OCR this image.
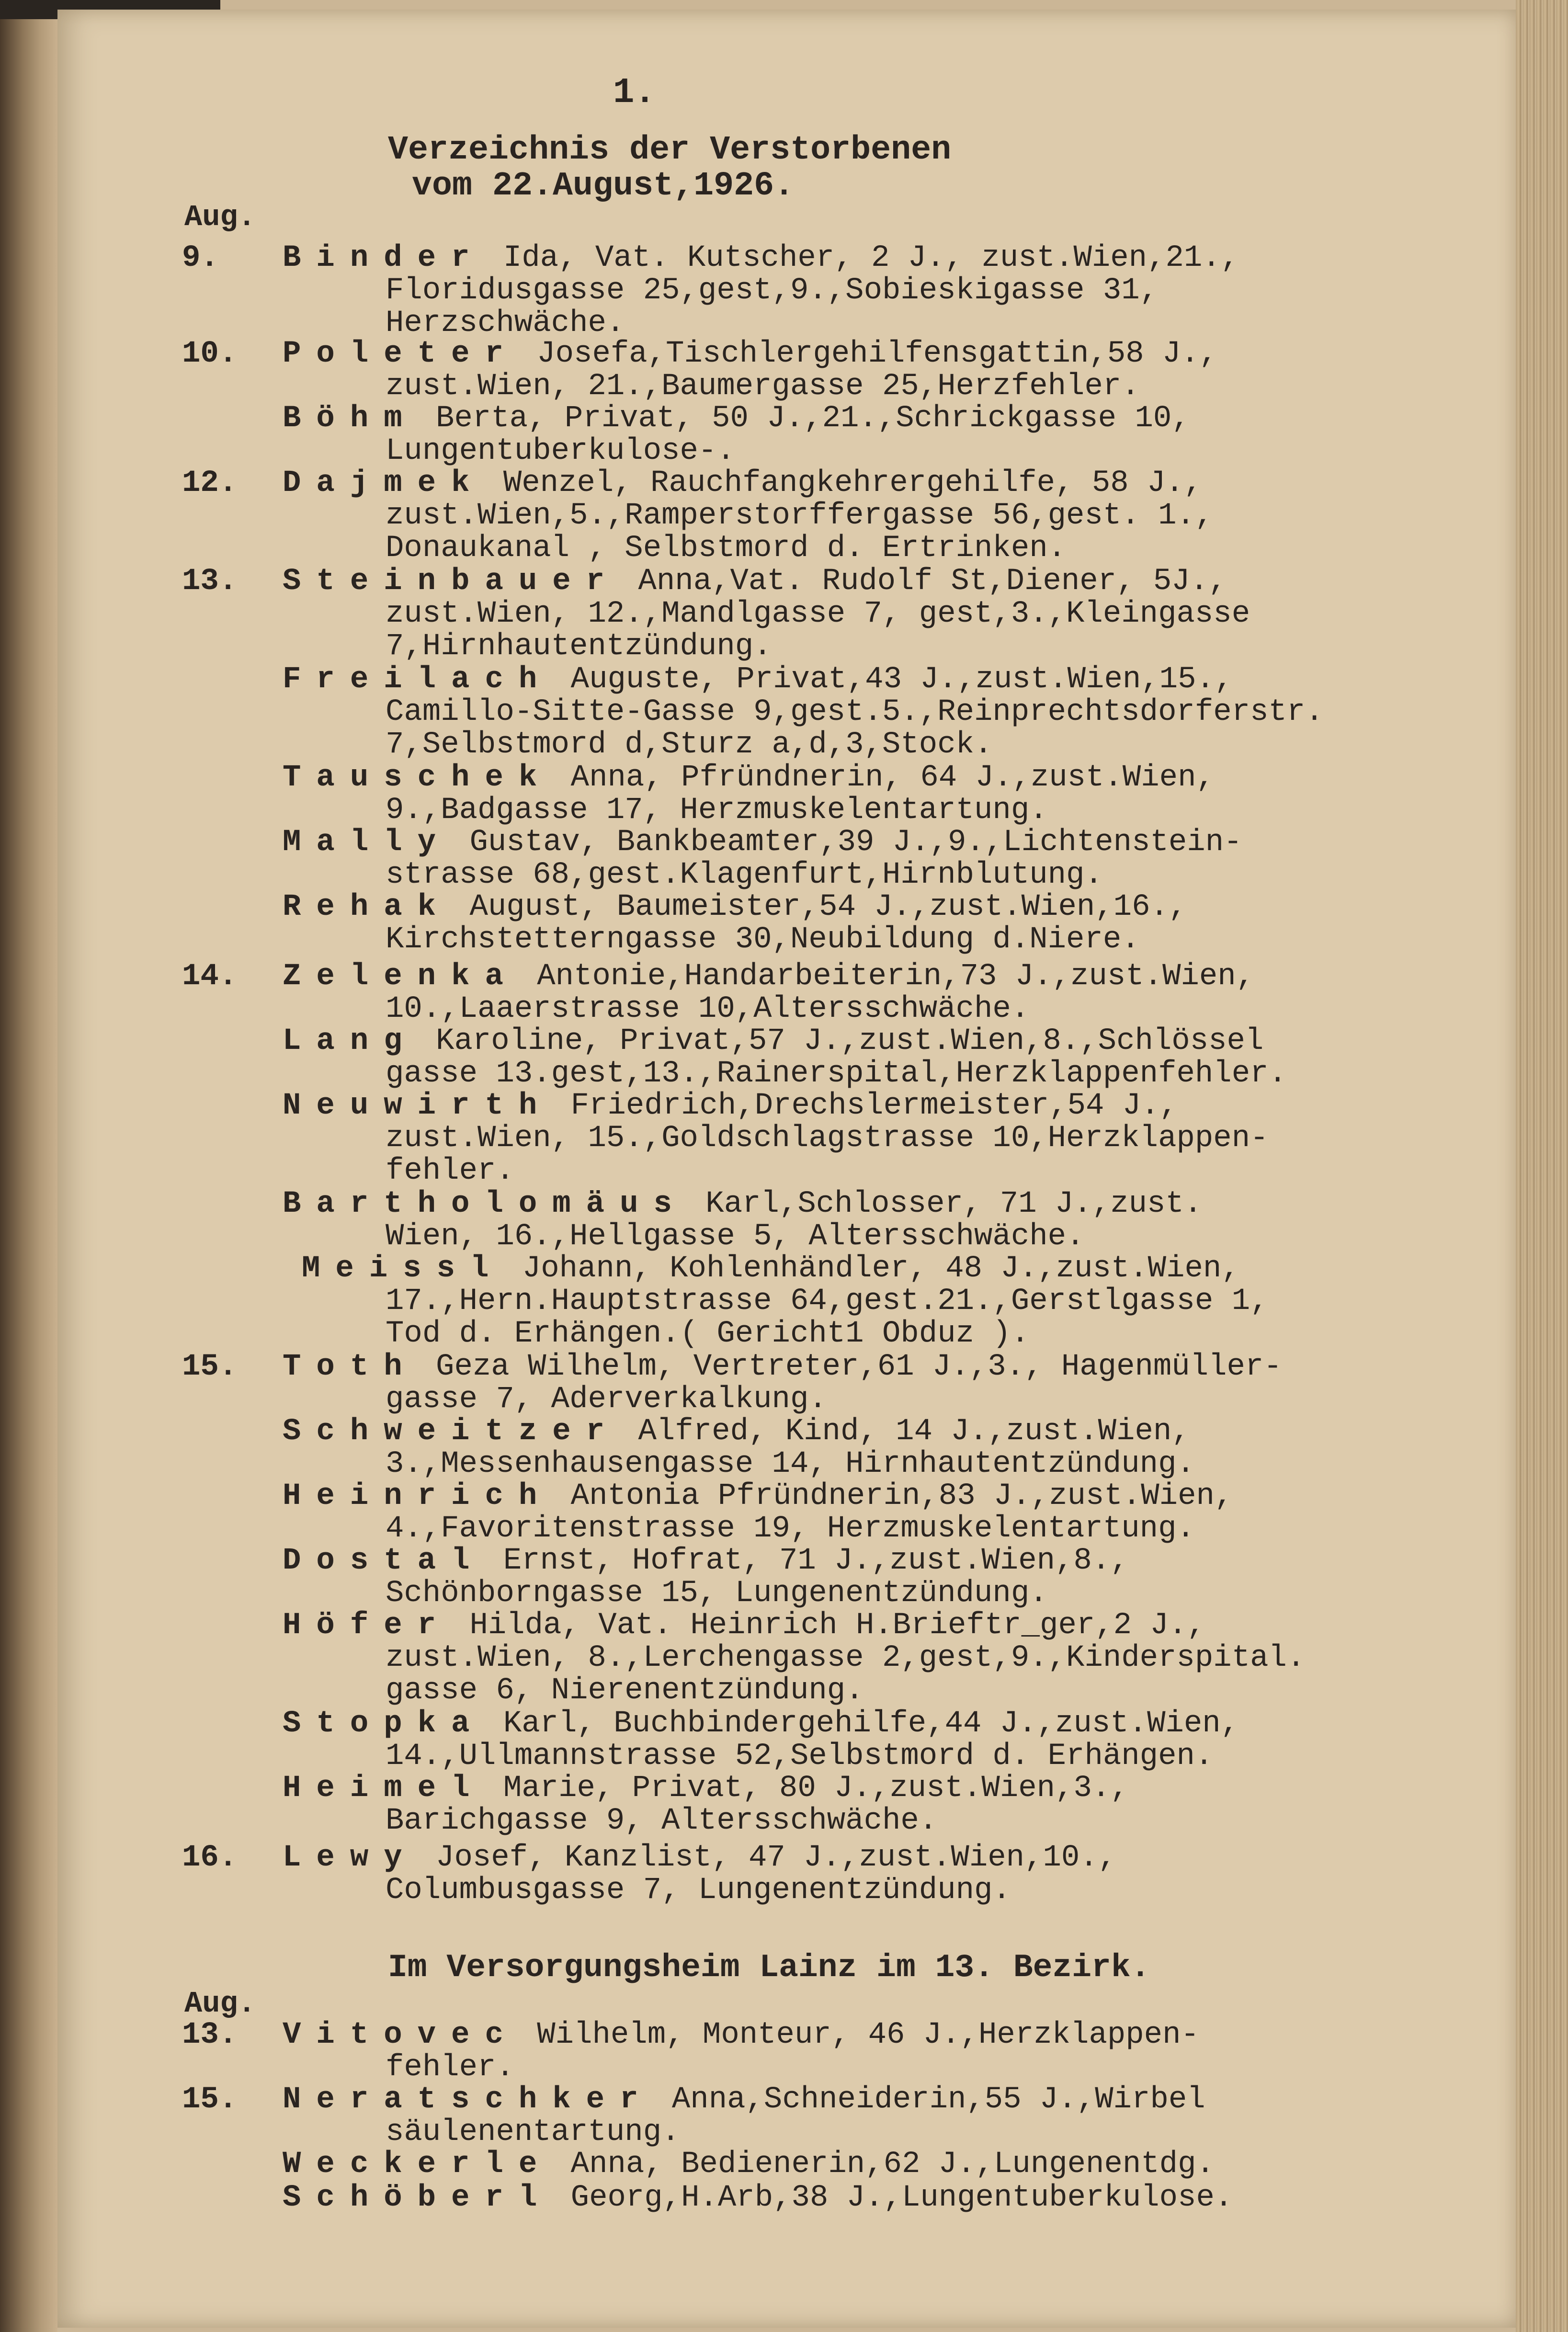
1.
Verzeichnis der Verstorbenen
vom 22.August,1926.
Aug.
Aug.
9.
10.
12.
13.
14.
15.
16.
13.
15.
Im Versorgungsheim Lainz im 13. Bezirk.
Binder Ida, Vat. Kutscher, 2 J., zust.Wien,21.,
Floridusgasse 25,gest,9.,Sobieskigasse 31,
Herzschwäche.
Poleter Josefa,Tischlergehilfensgattin,58 J.,
zust.Wien, 21.,Baumergasse 25,Herzfehler.
Böhm Berta, Privat, 50 J.,21.,Schrickgasse 10,
Lungentuberkulose-.
Dajmek Wenzel, Rauchfangkehrergehilfe, 58 J.,
zust.Wien,5.,Ramperstorffergasse 56,gest. 1.,
Donaukanal , Selbstmord d. Ertrinken.
Steinbauer Anna,Vat. Rudolf St,Diener, 5J.,
zust.Wien, 12.,Mandlgasse 7, gest,3.,Kleingasse
7,Hirnhautentzündung.
Freilach Auguste, Privat,43 J.,zust.Wien,15.,
Camillo-Sitte-Gasse 9,gest.5.,Reinprechtsdorferstr.
7,Selbstmord d,Sturz a,d,3,Stock.
Tauschek Anna, Pfründnerin, 64 J.,zust.Wien,
9.,Badgasse 17, Herzmuskelentartung.
Mally Gustav, Bankbeamter,39 J.,9.,Lichtenstein-
strasse 68,gest.Klagenfurt,Hirnblutung.
Rehak August, Baumeister,54 J.,zust.Wien,16.,
Kirchstetterngasse 30,Neubildung d.Niere.
Zelenka Antonie,Handarbeiterin,73 J.,zust.Wien,
10.,Laaerstrasse 10,Altersschwäche.
Lang Karoline, Privat,57 J.,zust.Wien,8.,Schlössel
gasse 13.gest,13.,Rainerspital,Herzklappenfehler.
Neuwirth Friedrich,Drechslermeister,54 J.,
zust.Wien, 15.,Goldschlagstrasse 10,Herzklappen-
fehler.
Bartholomäus Karl,Schlosser, 71 J.,zust.
Wien, 16.,Hellgasse 5, Altersschwäche.
Meissl Johann, Kohlenhändler, 48 J.,zust.Wien,
17.,Hern.Hauptstrasse 64,gest.21.,Gerstlgasse 1,
Tod d. Erhängen.( Gericht1 Obduz ).
Toth Geza Wilhelm, Vertreter,61 J.,3., Hagenmüller-
gasse 7, Aderverkalkung.
Schweitzer Alfred, Kind, 14 J.,zust.Wien,
3.,Messenhausengasse 14, Hirnhautentzündung.
Heinrich Antonia Pfründnerin,83 J.,zust.Wien,
4.,Favoritenstrasse 19, Herzmuskelentartung.
Dostal Ernst, Hofrat, 71 J.,zust.Wien,8.,
Schönborngasse 15, Lungenentzündung.
Höfer Hilda, Vat. Heinrich H.Brieftr_ger,2 J.,
zust.Wien, 8.,Lerchengasse 2,gest,9.,Kinderspital.
gasse 6, Nierenentzündung.
Stopka Karl, Buchbindergehilfe,44 J.,zust.Wien,
14.,Ullmannstrasse 52,Selbstmord d. Erhängen.
Heimel Marie, Privat, 80 J.,zust.Wien,3.,
Barichgasse 9, Altersschwäche.
Lewy Josef, Kanzlist, 47 J.,zust.Wien,10.,
Columbusgasse 7, Lungenentzündung.
Vitovec Wilhelm, Monteur, 46 J.,Herzklappen-
fehler.
Neratschker Anna,Schneiderin,55 J.,Wirbel
säulenentartung.
Weckerle Anna, Bedienerin,62 J.,Lungenentdg.
Schöberl Georg,H.Arb,38 J.,Lungentuberkulose.
